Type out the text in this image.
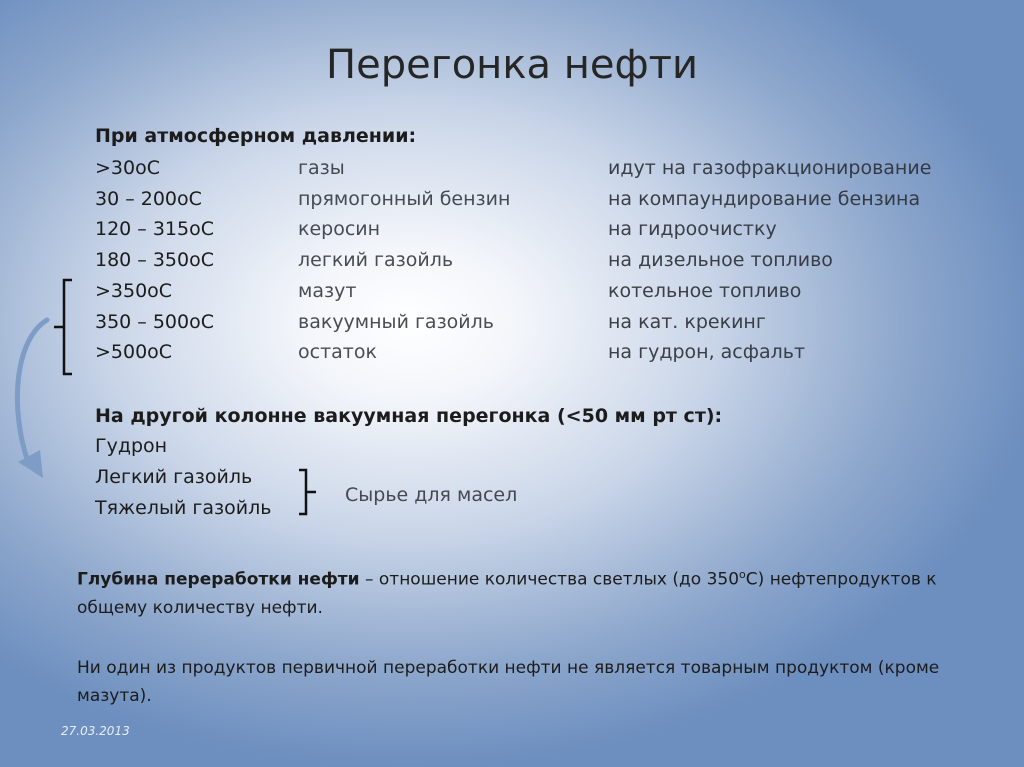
Перегонка нефти
При атмосферном давлении:
>30oC	газы	идут на газофракционирование
30 – 200oC	прямогонный бензин	на компаундирование бензина
120 – 315oC	керосин	на гидроочистку
180 – 350oC	легкий газойль	на дизельное топливо
>350oC	мазут	котельное топливо
350 – 500oC	вакуумный газойль	на кат. крекинг
>500oC	остаток	на гудрон, асфальт
На другой колонне вакуумная перегонка (<50 мм рт ст):
Гудрон
Легкий газойль
Тяжелый газойль
Сырье для масел
Глубина переработки нефти – отношение количества светлых (до 350$^o$С) нефтепродуктов к общему количеству нефти.
Ни один из продуктов первичной переработки нефти не является товарным продуктом (кроме мазута).
27.03.2013
